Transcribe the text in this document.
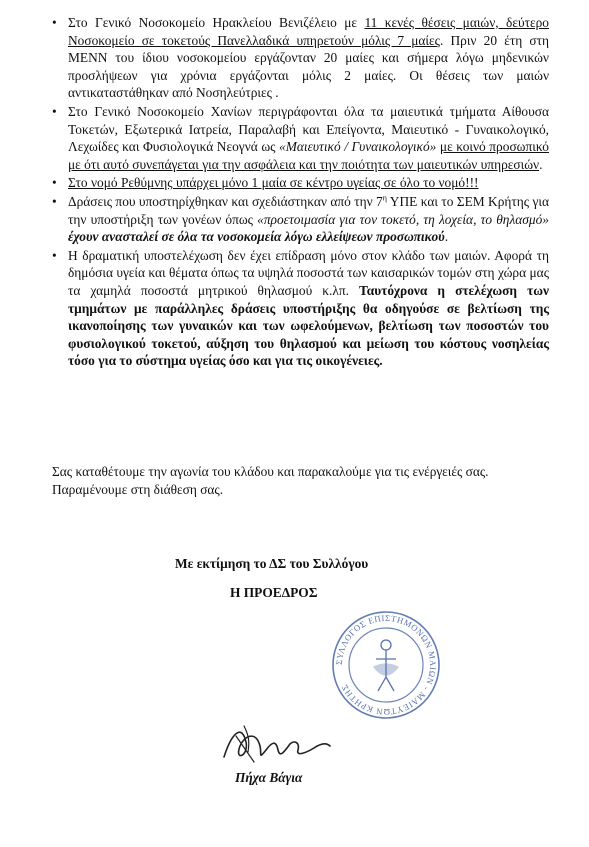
• Στο Γενικό Νοσοκομείο Ηρακλείου Βενιζέλειο με 11 κενές θέσεις μαιών, δεύτερο Νοσοκομείο σε τοκετούς Πανελλαδικά υπηρετούν μόλις 7 μαίες. Πριν 20 έτη στη ΜΕΝΝ του ίδιου νοσοκομείου εργάζονταν 20 μαίες και σήμερα λόγω μηδενικών προσλήψεων για χρόνια εργάζονται μόλις 2 μαίες. Οι θέσεις των μαιών αντικαταστάθηκαν από Νοσηλεύτριες .
• Στο Γενικό Νοσοκομείο Χανίων περιγράφονται όλα τα μαιευτικά τμήματα Αίθουσα Τοκετών, Εξωτερικά Ιατρεία, Παραλαβή και Επείγοντα, Μαιευτικό - Γυναικολογικό, Λεχωίδες και Φυσιολογικά Νεογνά ως «Μαιευτικό / Γυναικολογικό» με κοινό προσωπικό με ότι αυτό συνεπάγεται για την ασφάλεια και την ποιότητα των μαιευτικών υπηρεσιών.
• Στο νομό Ρεθύμνης υπάρχει μόνο 1 μαία σε κέντρο υγείας σε όλο το νομό!!!
• Δράσεις που υποστηρίχθηκαν και σχεδιάστηκαν από την $7^\eta$ ΥΠΕ και το ΣΕΜ Κρήτης για την υποστήριξη των γονέων όπως «προετοιμασία για τον τοκετό, τη λοχεία, το θηλασμό» έχουν ανασταλεί σε όλα τα νοσοκομεία λόγω ελλείψεων προσωπικού.
• Η δραματική υποστελέχωση δεν έχει επίδραση μόνο στον κλάδο των μαιών. Αφορά τη δημόσια υγεία και θέματα όπως τα υψηλά ποσοστά των καισαρικών τομών στη χώρα μας τα χαμηλά ποσοστά μητρικού θηλασμού κ.λπ. Ταυτόχρονα η στελέχωση των τμημάτων με παράλληλες δράσεις υποστήριξης θα οδηγούσε σε βελτίωση της ικανοποίησης των γυναικών και των ωφελούμενων, βελτίωση των ποσοστών του φυσιολογικού τοκετού, αύξηση του θηλασμού και μείωση του κόστους νοσηλείας τόσο για το σύστημα υγείας όσο και για τις οικογένειες.

Σας καταθέτουμε την αγωνία του κλάδου και παρακαλούμε για τις ενέργειές σας.

Παραμένουμε στη διάθεση σας.

Με εκτίμηση το ΔΣ του Συλλόγου
Η ΠΡΟΕΔΡΟΣ
ΣΥΛΛΟΓΟΣ ΕΠΙΣΤΗΜΟΝΩΝ ΜΑΙΩΝ - ΜΑΙΕΥΤΩΝ ΚΡΗΤΗΣ
Πήχα Βάγια
